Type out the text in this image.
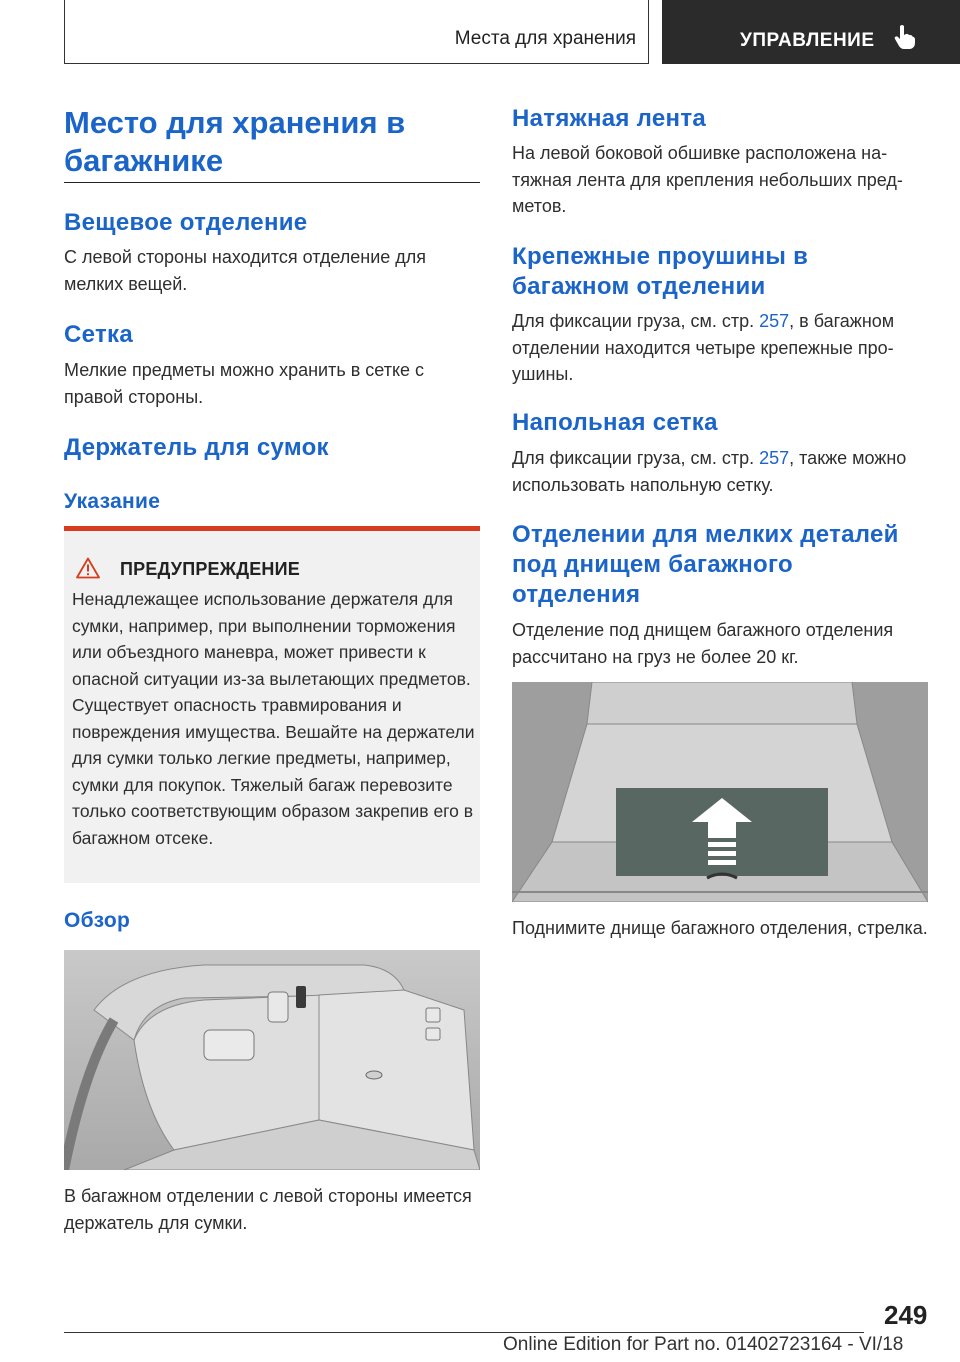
Места для хранения	УПРАВЛЕНИЕ
Место для хранения в багажнике
Вещевое отделение

С левой стороны находится отделение для мелких вещей.

Сетка

Мелкие предметы можно хранить в сетке с правой стороны.

Держатель для сумок
Указание
ПРЕДУПРЕЖДЕНИЕ

Ненадлежащее использование держателя для сумки, например, при выполнении торможения или объездного маневра, может привести к опасной ситуации из-за вылетающих предметов. Существует опасность травмирования и повреждения имущества. Вешайте на держатели для сумки только легкие предметы, например, сумки для покупок. Тяжелый багаж перевозите только соответствующим образом закрепив его в багажном отсеке.

Обзор

В багажном отделении с левой стороны имеется держатель для сумки.

Натяжная лента

На левой боковой обшивке расположена натяжная лента для крепления небольших предметов.

Крепежные проушины в багажном отделении

Для фиксации груза, см. стр. 257, в багажном отделении находится четыре крепежные проушины.

Напольная сетка

Для фиксации груза, см. стр. 257, также можно использовать напольную сетку.

Отделении для мелких деталей под днищем багажного отделения

Отделение под днищем багажного отделения рассчитано на груз не более 20 кг.

Поднимите днище багажного отделения, стрелка.

249
Online Edition for Part no. 01402723164 - VI/18
